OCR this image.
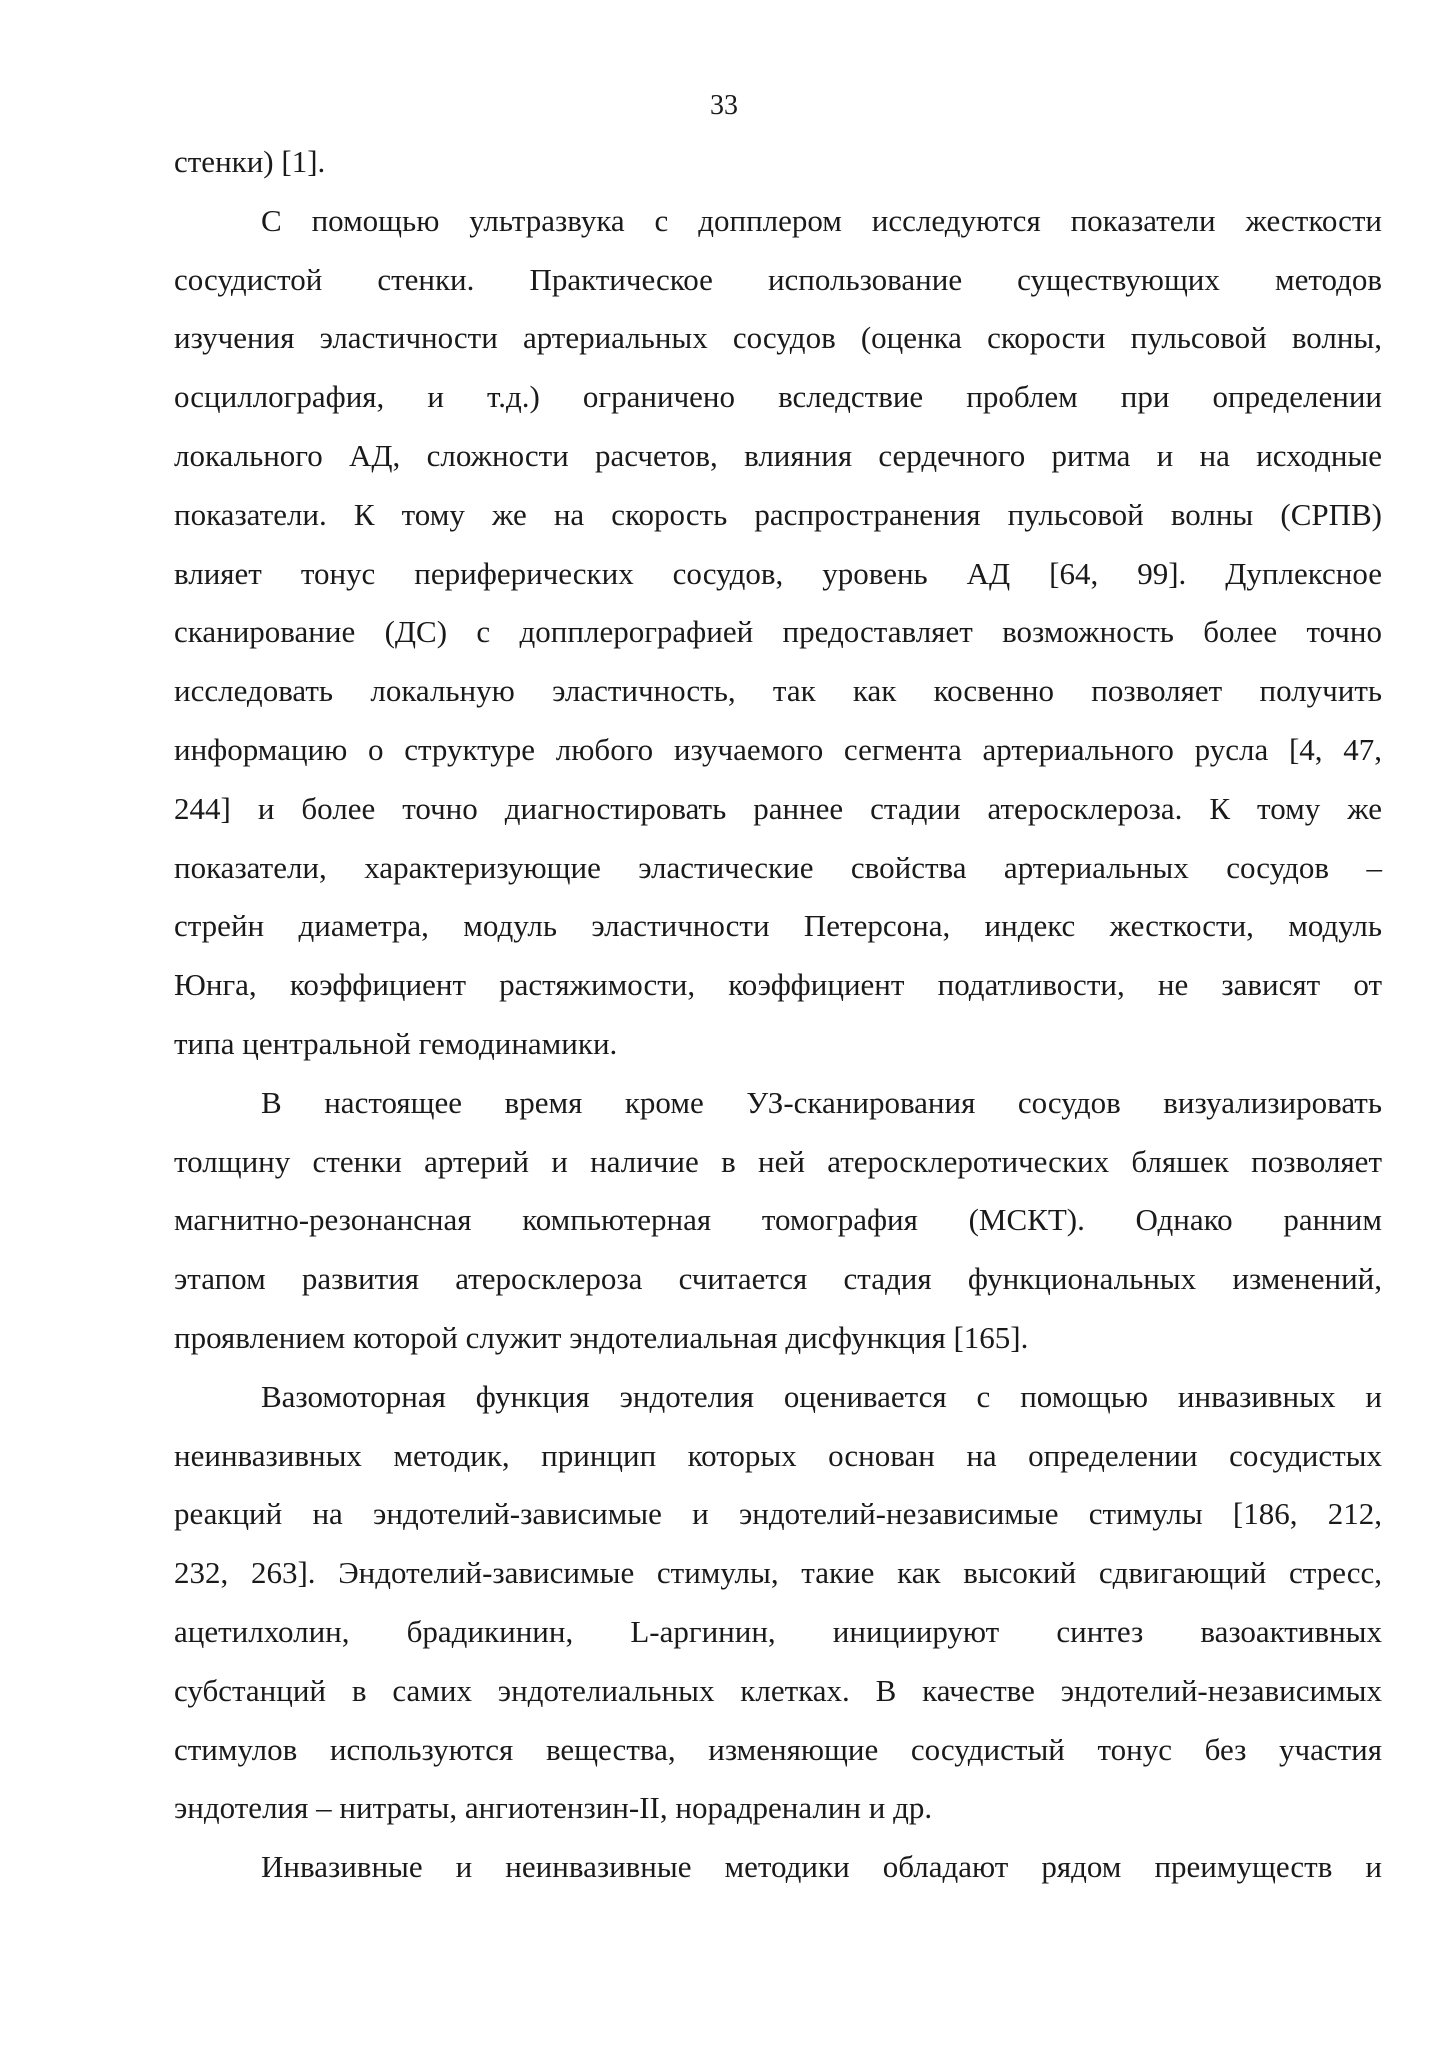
33
стенки) [1].
С помощью ультразвука с допплером исследуются показатели жесткости
сосудистой стенки. Практическое использование существующих методов
изучения эластичности артериальных сосудов (оценка скорости пульсовой волны,
осциллография, и т.д.) ограничено вследствие проблем при определении
локального АД, сложности расчетов, влияния сердечного ритма и на исходные
показатели. К тому же на скорость распространения пульсовой волны (СРПВ)
влияет тонус периферических сосудов, уровень АД [64, 99]. Дуплексное
сканирование (ДС) с допплерографией предоставляет возможность более точно
исследовать локальную эластичность, так как косвенно позволяет получить
информацию о структуре любого изучаемого сегмента артериального русла [4, 47,
244] и более точно диагностировать раннее стадии атеросклероза. К тому же
показатели, характеризующие эластические свойства артериальных сосудов –
стрейн диаметра, модуль эластичности Петерсона, индекс жесткости, модуль
Юнга, коэффициент растяжимости, коэффициент податливости, не зависят от
типа центральной гемодинамики.
В настоящее время кроме УЗ-сканирования сосудов визуализировать
толщину стенки артерий и наличие в ней атеросклеротических бляшек позволяет
магнитно-резонансная компьютерная томография (МСКТ). Однако ранним
этапом развития атеросклероза считается стадия функциональных изменений,
проявлением которой служит эндотелиальная дисфункция [165].
Вазомоторная функция эндотелия оценивается с помощью инвазивных и
неинвазивных методик, принцип которых основан на определении сосудистых
реакций на эндотелий-зависимые и эндотелий-независимые стимулы [186, 212,
232, 263]. Эндотелий-зависимые стимулы, такие как высокий сдвигающий стресс,
ацетилхолин, брадикинин, L-аргинин, инициируют синтез вазоактивных
субстанций в самих эндотелиальных клетках. В качестве эндотелий-независимых
стимулов используются вещества, изменяющие сосудистый тонус без участия
эндотелия – нитраты, ангиотензин-II, норадреналин и др.
Инвазивные и неинвазивные методики обладают рядом преимуществ и
